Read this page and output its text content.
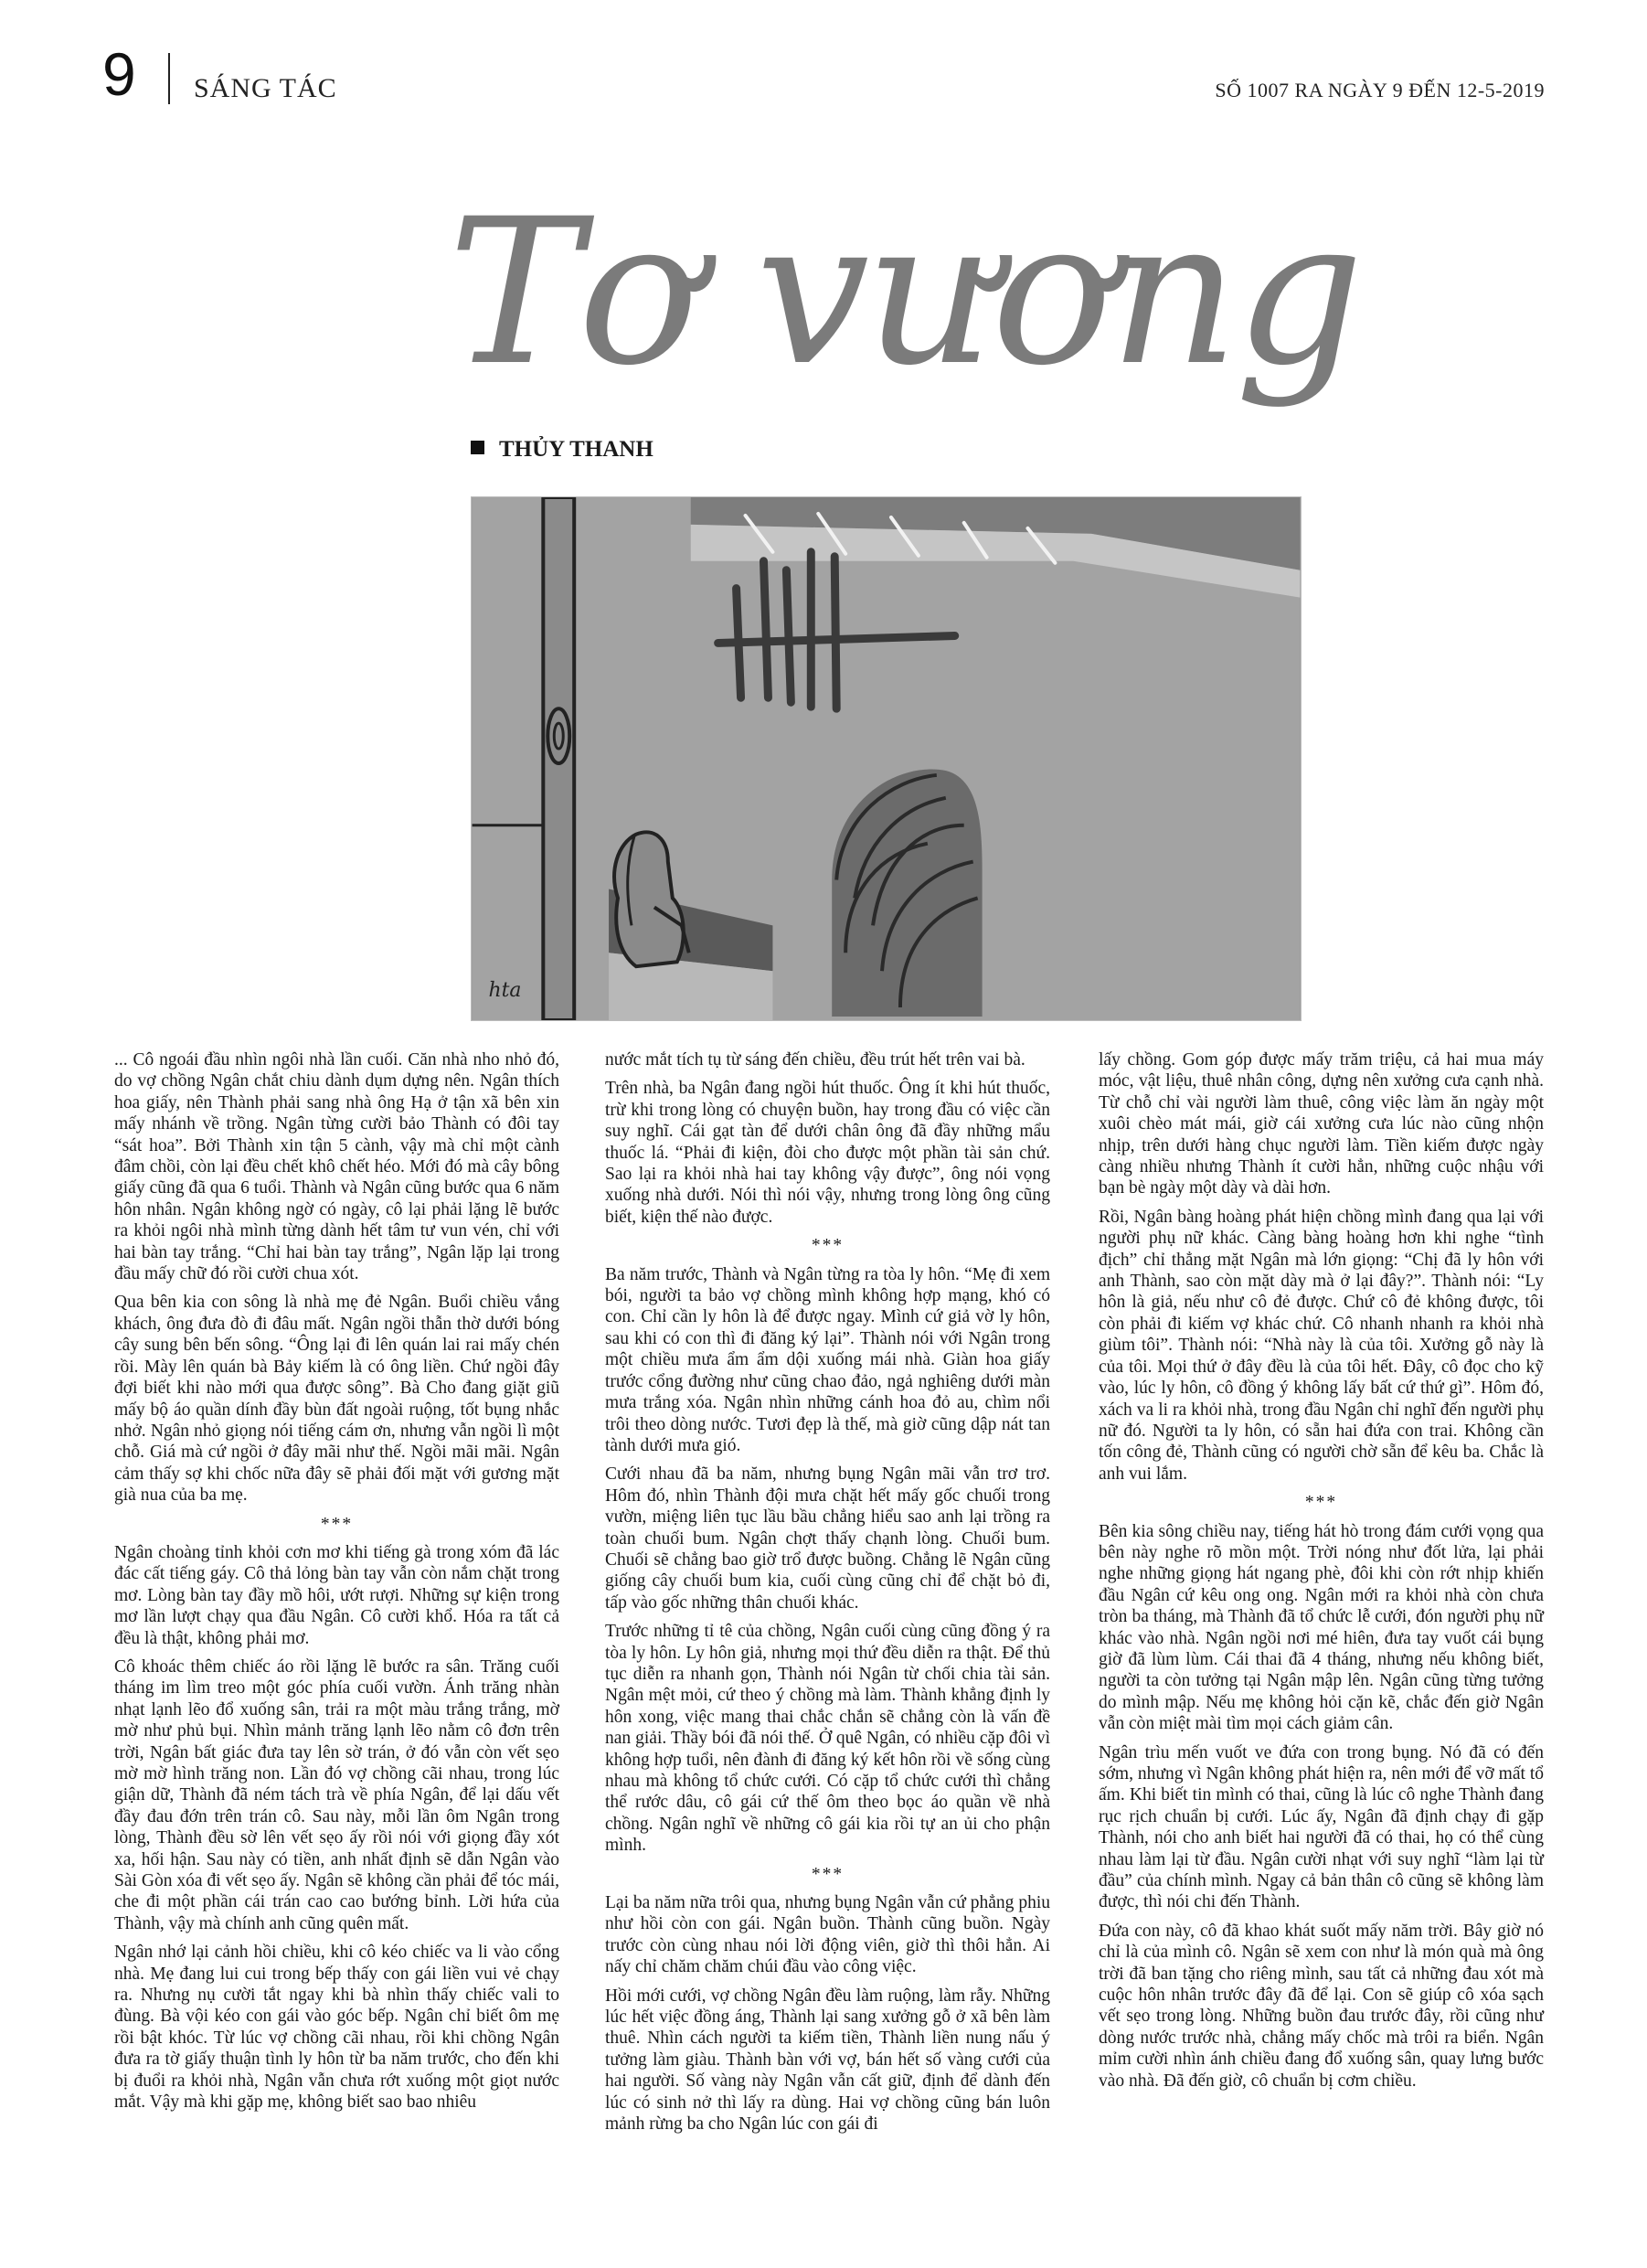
9 SÁNG TÁC	SỐ 1007 RA NGÀY 9 ĐẾN 12-5-2019
Tơ vương
THỦY THANH
hta

... Cô ngoái đầu nhìn ngôi nhà lần cuối. Căn nhà nho nhỏ đó, do vợ chồng Ngân chắt chiu dành dụm dựng nên. Ngân thích hoa giấy, nên Thành phải sang nhà ông Hạ ở tận xã bên xin mấy nhánh về trồng. Ngân từng cười bảo Thành có đôi tay “sát hoa”. Bởi Thành xin tận 5 cành, vậy mà chỉ một cành đâm chồi, còn lại đều chết khô chết héo. Mới đó mà cây bông giấy cũng đã qua 6 tuổi. Thành và Ngân cũng bước qua 6 năm hôn nhân. Ngân không ngờ có ngày, cô lại phải lặng lẽ bước ra khỏi ngôi nhà mình từng dành hết tâm tư vun vén, chỉ với hai bàn tay trắng. “Chỉ hai bàn tay trắng”, Ngân lặp lại trong đầu mấy chữ đó rồi cười chua xót.

Qua bên kia con sông là nhà mẹ đẻ Ngân. Buổi chiều vắng khách, ông đưa đò đi đâu mất. Ngân ngồi thẫn thờ dưới bóng cây sung bên bến sông. “Ông lại đi lên quán lai rai mấy chén rồi. Mày lên quán bà Bảy kiếm là có ông liền. Chứ ngồi đây đợi biết khi nào mới qua được sông”. Bà Cho đang giặt giũ mấy bộ áo quần dính đầy bùn đất ngoài ruộng, tốt bụng nhắc nhở. Ngân nhỏ giọng nói tiếng cám ơn, nhưng vẫn ngồi lì một chỗ. Giá mà cứ ngồi ở đây mãi như thế. Ngồi mãi mãi. Ngân cảm thấy sợ khi chốc nữa đây sẽ phải đối mặt với gương mặt già nua của ba mẹ.

***

Ngân choàng tỉnh khỏi cơn mơ khi tiếng gà trong xóm đã lác đác cất tiếng gáy. Cô thả lỏng bàn tay vẫn còn nắm chặt trong mơ. Lòng bàn tay đầy mồ hôi, ướt rượi. Những sự kiện trong mơ lần lượt chạy qua đầu Ngân. Cô cười khổ. Hóa ra tất cả đều là thật, không phải mơ.

Cô khoác thêm chiếc áo rồi lặng lẽ bước ra sân. Trăng cuối tháng im lìm treo một góc phía cuối vườn. Ánh trăng nhàn nhạt lạnh lẽo đổ xuống sân, trải ra một màu trắng trắng, mờ mờ như phủ bụi. Nhìn mảnh trăng lạnh lẽo nằm cô đơn trên trời, Ngân bất giác đưa tay lên sờ trán, ở đó vẫn còn vết sẹo mờ mờ hình trăng non. Lần đó vợ chồng cãi nhau, trong lúc giận dữ, Thành đã ném tách trà về phía Ngân, để lại dấu vết đầy đau đớn trên trán cô. Sau này, mỗi lần ôm Ngân trong lòng, Thành đều sờ lên vết sẹo ấy rồi nói với giọng đầy xót xa, hối hận. Sau này có tiền, anh nhất định sẽ dẫn Ngân vào Sài Gòn xóa đi vết sẹo ấy. Ngân sẽ không cần phải để tóc mái, che đi một phần cái trán cao cao bướng bỉnh. Lời hứa của Thành, vậy mà chính anh cũng quên mất.

Ngân nhớ lại cảnh hồi chiều, khi cô kéo chiếc va li vào cổng nhà. Mẹ đang lui cui trong bếp thấy con gái liền vui vẻ chạy ra. Nhưng nụ cười tắt ngay khi bà nhìn thấy chiếc vali to đùng. Bà vội kéo con gái vào góc bếp. Ngân chỉ biết ôm mẹ rồi bật khóc. Từ lúc vợ chồng cãi nhau, rồi khi chồng Ngân đưa ra tờ giấy thuận tình ly hôn từ ba năm trước, cho đến khi bị đuổi ra khỏi nhà, Ngân vẫn chưa rớt xuống một giọt nước mắt. Vậy mà khi gặp mẹ, không biết sao bao nhiêu

nước mắt tích tụ từ sáng đến chiều, đều trút hết trên vai bà.

Trên nhà, ba Ngân đang ngồi hút thuốc. Ông ít khi hút thuốc, trừ khi trong lòng có chuyện buồn, hay trong đầu có việc cần suy nghĩ. Cái gạt tàn để dưới chân ông đã đầy những mẩu thuốc lá. “Phải đi kiện, đòi cho được một phần tài sản chứ. Sao lại ra khỏi nhà hai tay không vậy được”, ông nói vọng xuống nhà dưới. Nói thì nói vậy, nhưng trong lòng ông cũng biết, kiện thế nào được.

***

Ba năm trước, Thành và Ngân từng ra tòa ly hôn. “Mẹ đi xem bói, người ta bảo vợ chồng mình không hợp mạng, khó có con. Chỉ cần ly hôn là để được ngay. Mình cứ giả vờ ly hôn, sau khi có con thì đi đăng ký lại”. Thành nói với Ngân trong một chiều mưa ẩm ẩm dội xuống mái nhà. Giàn hoa giấy trước cổng đường như cũng chao đảo, ngả nghiêng dưới màn mưa trắng xóa. Ngân nhìn những cánh hoa đỏ au, chìm nổi trôi theo dòng nước. Tươi đẹp là thế, mà giờ cũng dập nát tan tành dưới mưa gió.

Cưới nhau đã ba năm, nhưng bụng Ngân mãi vẫn trơ trơ. Hôm đó, nhìn Thành đội mưa chặt hết mấy gốc chuối trong vườn, miệng liên tục lầu bầu chẳng hiểu sao anh lại trồng ra toàn chuối bum. Ngân chợt thấy chạnh lòng. Chuối bum. Chuối sẽ chẳng bao giờ trổ được buồng. Chẳng lẽ Ngân cũng giống cây chuối bum kia, cuối cùng cũng chỉ để chặt bỏ đi, tấp vào gốc những thân chuối khác.

Trước những tỉ tê của chồng, Ngân cuối cùng cũng đồng ý ra tòa ly hôn. Ly hôn giả, nhưng mọi thứ đều diễn ra thật. Để thủ tục diễn ra nhanh gọn, Thành nói Ngân từ chối chia tài sản. Ngân mệt mỏi, cứ theo ý chồng mà làm. Thành khẳng định ly hôn xong, việc mang thai chắc chắn sẽ chẳng còn là vấn đề nan giải. Thầy bói đã nói thế. Ở quê Ngân, có nhiều cặp đôi vì không hợp tuổi, nên đành đi đăng ký kết hôn rồi về sống cùng nhau mà không tổ chức cưới. Có cặp tổ chức cưới thì chẳng thể rước dâu, cô gái cứ thế ôm theo bọc áo quần về nhà chồng. Ngân nghĩ về những cô gái kia rồi tự an ủi cho phận mình.

***

Lại ba năm nữa trôi qua, nhưng bụng Ngân vẫn cứ phẳng phiu như hồi còn con gái. Ngân buồn. Thành cũng buồn. Ngày trước còn cùng nhau nói lời động viên, giờ thì thôi hẳn. Ai nấy chỉ chăm chăm chúi đầu vào công việc.

Hồi mới cưới, vợ chồng Ngân đều làm ruộng, làm rẫy. Những lúc hết việc đồng áng, Thành lại sang xưởng gỗ ở xã bên làm thuê. Nhìn cách người ta kiếm tiền, Thành liền nung nấu ý tưởng làm giàu. Thành bàn với vợ, bán hết số vàng cưới của hai người. Số vàng này Ngân vẫn cất giữ, định để dành đến lúc có sinh nở thì lấy ra dùng. Hai vợ chồng cũng bán luôn mảnh rừng ba cho Ngân lúc con gái đi

lấy chồng. Gom góp được mấy trăm triệu, cả hai mua máy móc, vật liệu, thuê nhân công, dựng nên xưởng cưa cạnh nhà. Từ chỗ chỉ vài người làm thuê, công việc làm ăn ngày một xuôi chèo mát mái, giờ cái xưởng cưa lúc nào cũng nhộn nhịp, trên dưới hàng chục người làm. Tiền kiếm được ngày càng nhiều nhưng Thành ít cười hẳn, những cuộc nhậu với bạn bè ngày một dày và dài hơn.

Rồi, Ngân bàng hoàng phát hiện chồng mình đang qua lại với người phụ nữ khác. Càng bàng hoàng hơn khi nghe “tình địch” chỉ thẳng mặt Ngân mà lớn giọng: “Chị đã ly hôn với anh Thành, sao còn mặt dày mà ở lại đây?”. Thành nói: “Ly hôn là giả, nếu như cô đẻ được. Chứ cô đẻ không được, tôi còn phải đi kiếm vợ khác chứ. Cô nhanh nhanh ra khỏi nhà giùm tôi”. Thành nói: “Nhà này là của tôi. Xưởng gỗ này là của tôi. Mọi thứ ở đây đều là của tôi hết. Đây, cô đọc cho kỹ vào, lúc ly hôn, cô đồng ý không lấy bất cứ thứ gì”. Hôm đó, xách va li ra khỏi nhà, trong đầu Ngân chỉ nghĩ đến người phụ nữ đó. Người ta ly hôn, có sẵn hai đứa con trai. Không cần tốn công đẻ, Thành cũng có người chờ sẵn để kêu ba. Chắc là anh vui lắm.

***

Bên kia sông chiều nay, tiếng hát hò trong đám cưới vọng qua bên này nghe rõ mồn một. Trời nóng như đốt lửa, lại phải nghe những giọng hát ngang phè, đôi khi còn rớt nhịp khiến đầu Ngân cứ kêu ong ong. Ngân mới ra khỏi nhà còn chưa tròn ba tháng, mà Thành đã tổ chức lễ cưới, đón người phụ nữ khác vào nhà. Ngân ngồi nơi mé hiên, đưa tay vuốt cái bụng giờ đã lùm lùm. Cái thai đã 4 tháng, nhưng nếu không biết, người ta còn tưởng tại Ngân mập lên. Ngân cũng từng tưởng do mình mập. Nếu mẹ không hỏi cặn kẽ, chắc đến giờ Ngân vẫn còn miệt mài tìm mọi cách giảm cân.

Ngân trìu mến vuốt ve đứa con trong bụng. Nó đã có đến sớm, nhưng vì Ngân không phát hiện ra, nên mới để vỡ mất tổ ấm. Khi biết tin mình có thai, cũng là lúc cô nghe Thành đang rục rịch chuẩn bị cưới. Lúc ấy, Ngân đã định chạy đi gặp Thành, nói cho anh biết hai người đã có thai, họ có thể cùng nhau làm lại từ đầu. Ngân cười nhạt với suy nghĩ “làm lại từ đầu” của chính mình. Ngay cả bản thân cô cũng sẽ không làm được, thì nói chi đến Thành.

Đứa con này, cô đã khao khát suốt mấy năm trời. Bây giờ nó chỉ là của mình cô. Ngân sẽ xem con như là món quà mà ông trời đã ban tặng cho riêng mình, sau tất cả những đau xót mà cuộc hôn nhân trước đây đã để lại. Con sẽ giúp cô xóa sạch vết sẹo trong lòng. Những buồn đau trước đây, rồi cũng như dòng nước trước nhà, chẳng mấy chốc mà trôi ra biển. Ngân mỉm cười nhìn ánh chiều đang đổ xuống sân, quay lưng bước vào nhà. Đã đến giờ, cô chuẩn bị cơm chiều.
